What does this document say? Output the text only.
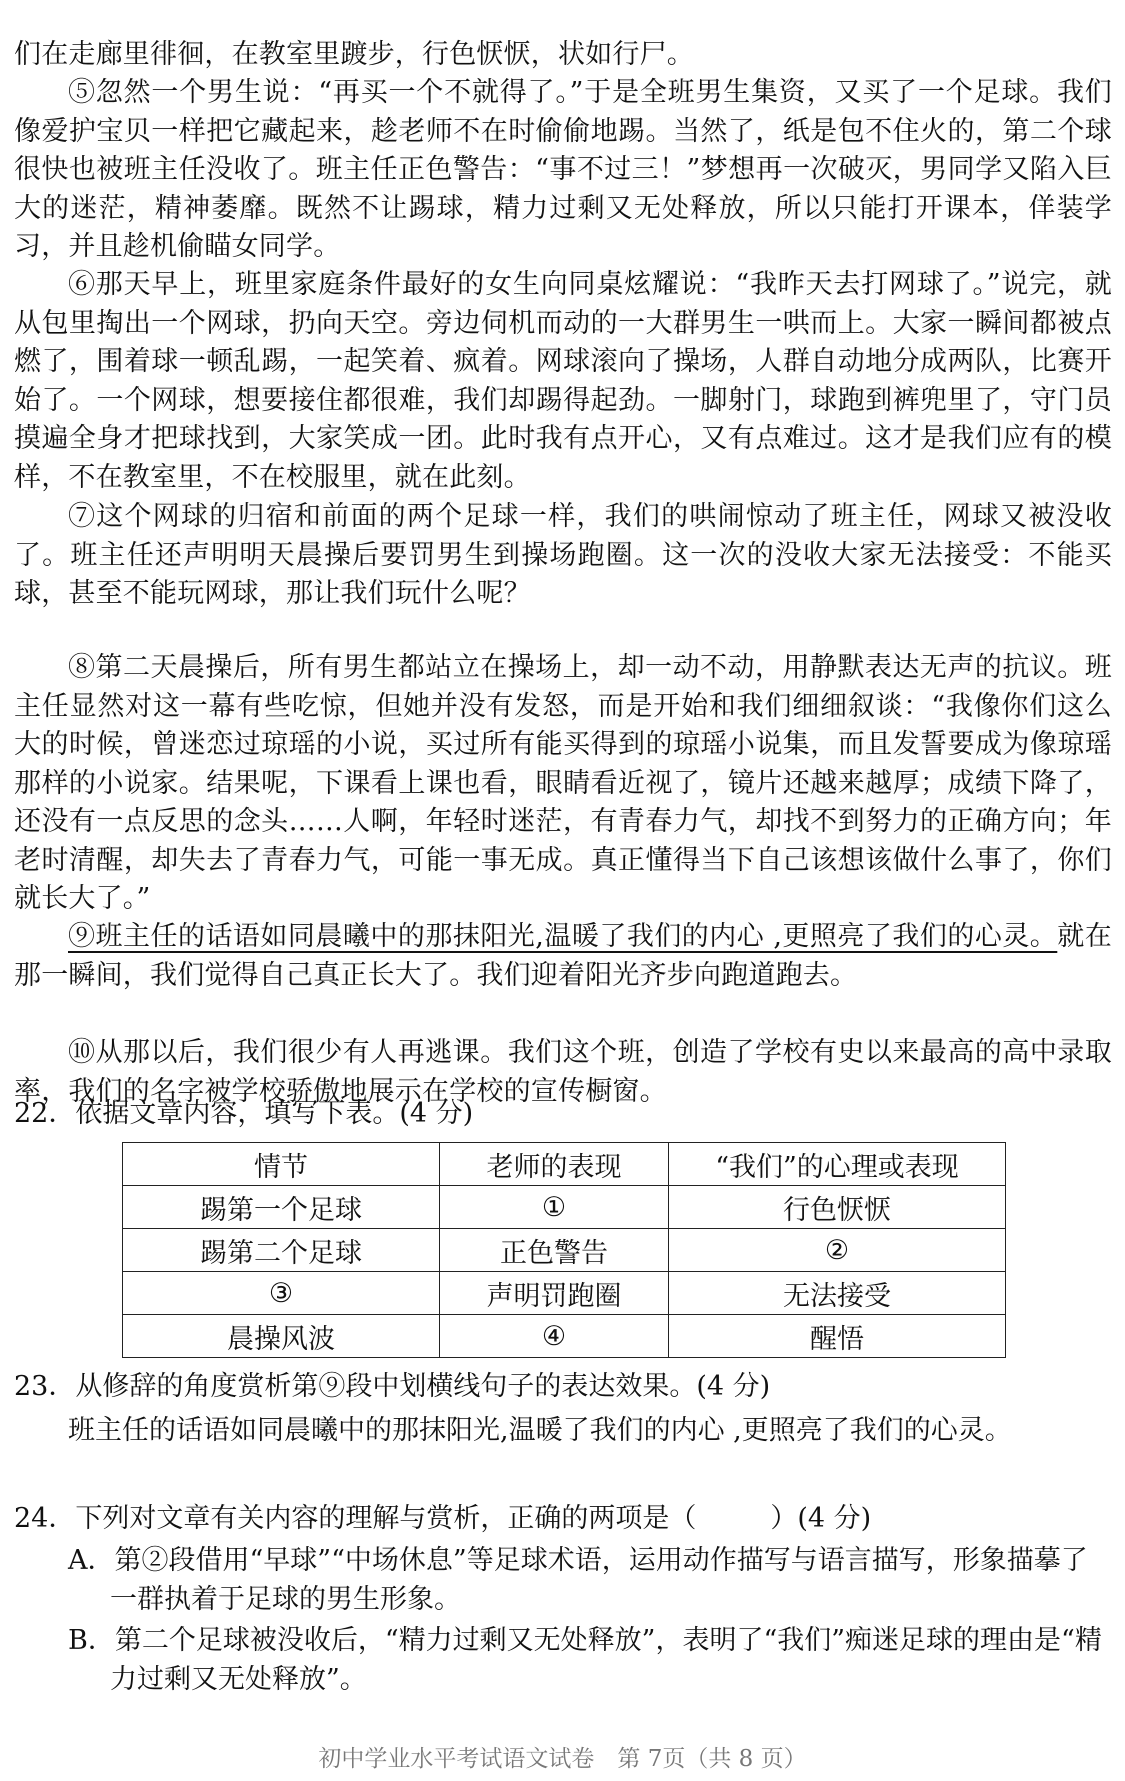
们在走廊里徘徊，在教室里踱步，行色恹恹，状如行尸。
⑤忽然一个男生说：“再买一个不就得了。”于是全班男生集资，又买了一个足球。我们像爱护宝贝一样把它藏起来，趁老师不在时偷偷地踢。当然了，纸是包不住火的，第二个球很快也被班主任没收了。班主任正色警告：“事不过三！”梦想再一次破灭，男同学又陷入巨大的迷茫，精神萎靡。既然不让踢球，精力过剩又无处释放，所以只能打开课本，佯装学习，并且趁机偷瞄女同学。
⑥那天早上，班里家庭条件最好的女生向同桌炫耀说：“我昨天去打网球了。”说完，就从包里掏出一个网球，扔向天空。旁边伺机而动的一大群男生一哄而上。大家一瞬间都被点燃了，围着球一顿乱踢，一起笑着、疯着。网球滚向了操场，人群自动地分成两队，比赛开始了。一个网球，想要接住都很难，我们却踢得起劲。一脚射门，球跑到裤兜里了，守门员摸遍全身才把球找到，大家笑成一团。此时我有点开心，又有点难过。这才是我们应有的模样，不在教室里，不在校服里，就在此刻。
⑦这个网球的归宿和前面的两个足球一样，我们的哄闹惊动了班主任，网球又被没收了。班主任还声明明天晨操后要罚男生到操场跑圈。这一次的没收大家无法接受：不能买球，甚至不能玩网球，那让我们玩什么呢？
⑧第二天晨操后，所有男生都站立在操场上，却一动不动，用静默表达无声的抗议。班主任显然对这一幕有些吃惊，但她并没有发怒，而是开始和我们细细叙谈：“我像你们这么大的时候，曾迷恋过琼瑶的小说，买过所有能买得到的琼瑶小说集，而且发誓要成为像琼瑶那样的小说家。结果呢，下课看上课也看，眼睛看近视了，镜片还越来越厚；成绩下降了，还没有一点反思的念头……人啊，年轻时迷茫，有青春力气，却找不到努力的正确方向；年老时清醒，却失去了青春力气，可能一事无成。真正懂得当下自己该想该做什么事了，你们就长大了。”
⑨班主任的话语如同晨曦中的那抹阳光,温暖了我们的内心 ,更照亮了我们的心灵。就在那一瞬间，我们觉得自己真正长大了。我们迎着阳光齐步向跑道跑去。
⑩从那以后，我们很少有人再逃课。我们这个班，创造了学校有史以来最高的高中录取率，我们的名字被学校骄傲地展示在学校的宣传橱窗。
22．依据文章内容，填写下表。(4 分)
情节	老师的表现	“我们”的心理或表现
踢第一个足球	①	行色恹恹
踢第二个足球	正色警告	②
③	声明罚跑圈	无法接受
晨操风波	④	醒悟
23．从修辞的角度赏析第⑨段中划横线句子的表达效果。(4 分)
班主任的话语如同晨曦中的那抹阳光,温暖了我们的内心 ,更照亮了我们的心灵。
24．下列对文章有关内容的理解与赏析，正确的两项是（	）(4 分)
A．第②段借用“早球”“中场休息”等足球术语，运用动作描写与语言描写，形象描摹了一群执着于足球的男生形象。
B．第二个足球被没收后，“精力过剩又无处释放”，表明了“我们”痴迷足球的理由是“精力过剩又无处释放”。
初中学业水平考试语文试卷　第 7页（共 8 页）
